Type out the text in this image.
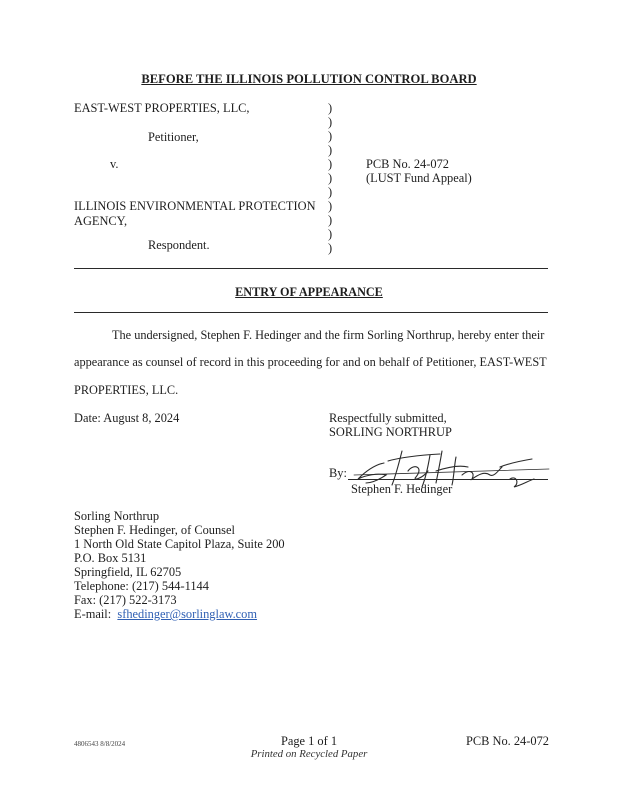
BEFORE THE ILLINOIS POLLUTION CONTROL BOARD
EAST-WEST PROPERTIES, LLC,
Petitioner,
v.
ILLINOIS ENVIRONMENTAL PROTECTION
AGENCY,
Respondent.
)
)
)
)
)
)
)
)
)
)
)
PCB No. 24-072
(LUST Fund Appeal)
ENTRY OF APPEARANCE
The undersigned, Stephen F. Hedinger and the firm Sorling Northrup, hereby enter their
appearance as counsel of record in this proceeding for and on behalf of Petitioner, EAST-WEST
PROPERTIES, LLC.
Date: August 8, 2024	Respectfully submitted,
SORLING NORTHRUP
By:
Stephen F. Hedinger
Sorling Northrup
Stephen F. Hedinger, of Counsel
1 North Old State Capitol Plaza, Suite 200
P.O. Box 5131
Springfield, IL 62705
Telephone: (217) 544-1144
Fax: (217) 522-3173
E-mail: sfhedinger@sorlinglaw.com
4806543 8/8/2024	Page 1 of 1
Printed on Recycled Paper
PCB No. 24-072
